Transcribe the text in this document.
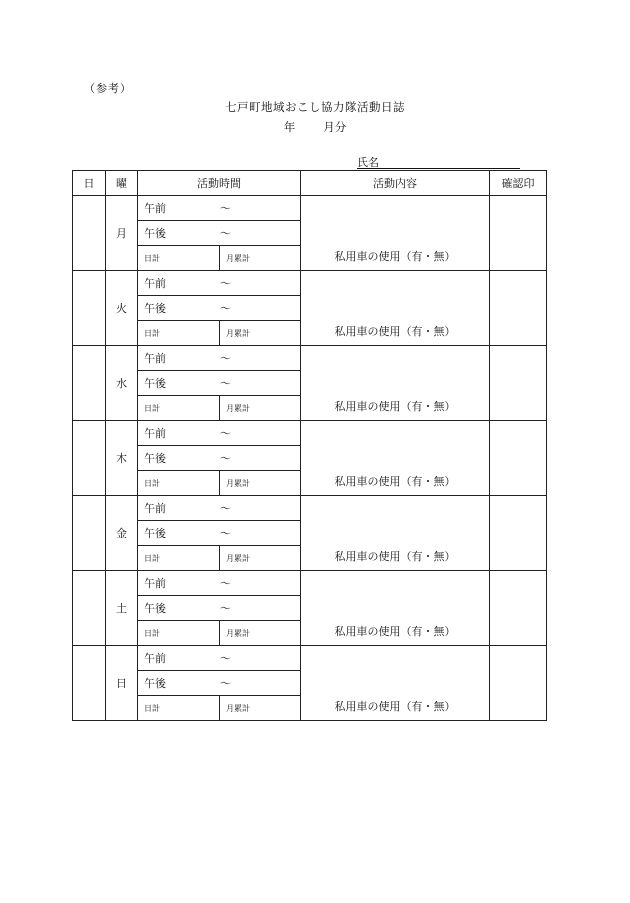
（参考）
七戸町地域おこし協力隊活動日誌
年 月分
氏名
日	曜	活動時間		活動内容	確認印
	月	午前 ～		私用車の使用（有・無）	
		午後 ～			

		日計	月累計		
	火	午前 ～		私用車の使用（有・無）	
		午後 ～			

		日計	月累計		
	水	午前 ～		私用車の使用（有・無）	
		午後 ～			

		日計	月累計		
	木	午前 ～		私用車の使用（有・無）	
		午後 ～			

		日計	月累計		
	金	午前 ～		私用車の使用（有・無）	
		午後 ～			

		日計	月累計		
	土	午前 ～		私用車の使用（有・無）	
		午後 ～			

		日計	月累計		
	日	午前 ～		私用車の使用（有・無）	
		午後 ～			

		日計	月累計		
